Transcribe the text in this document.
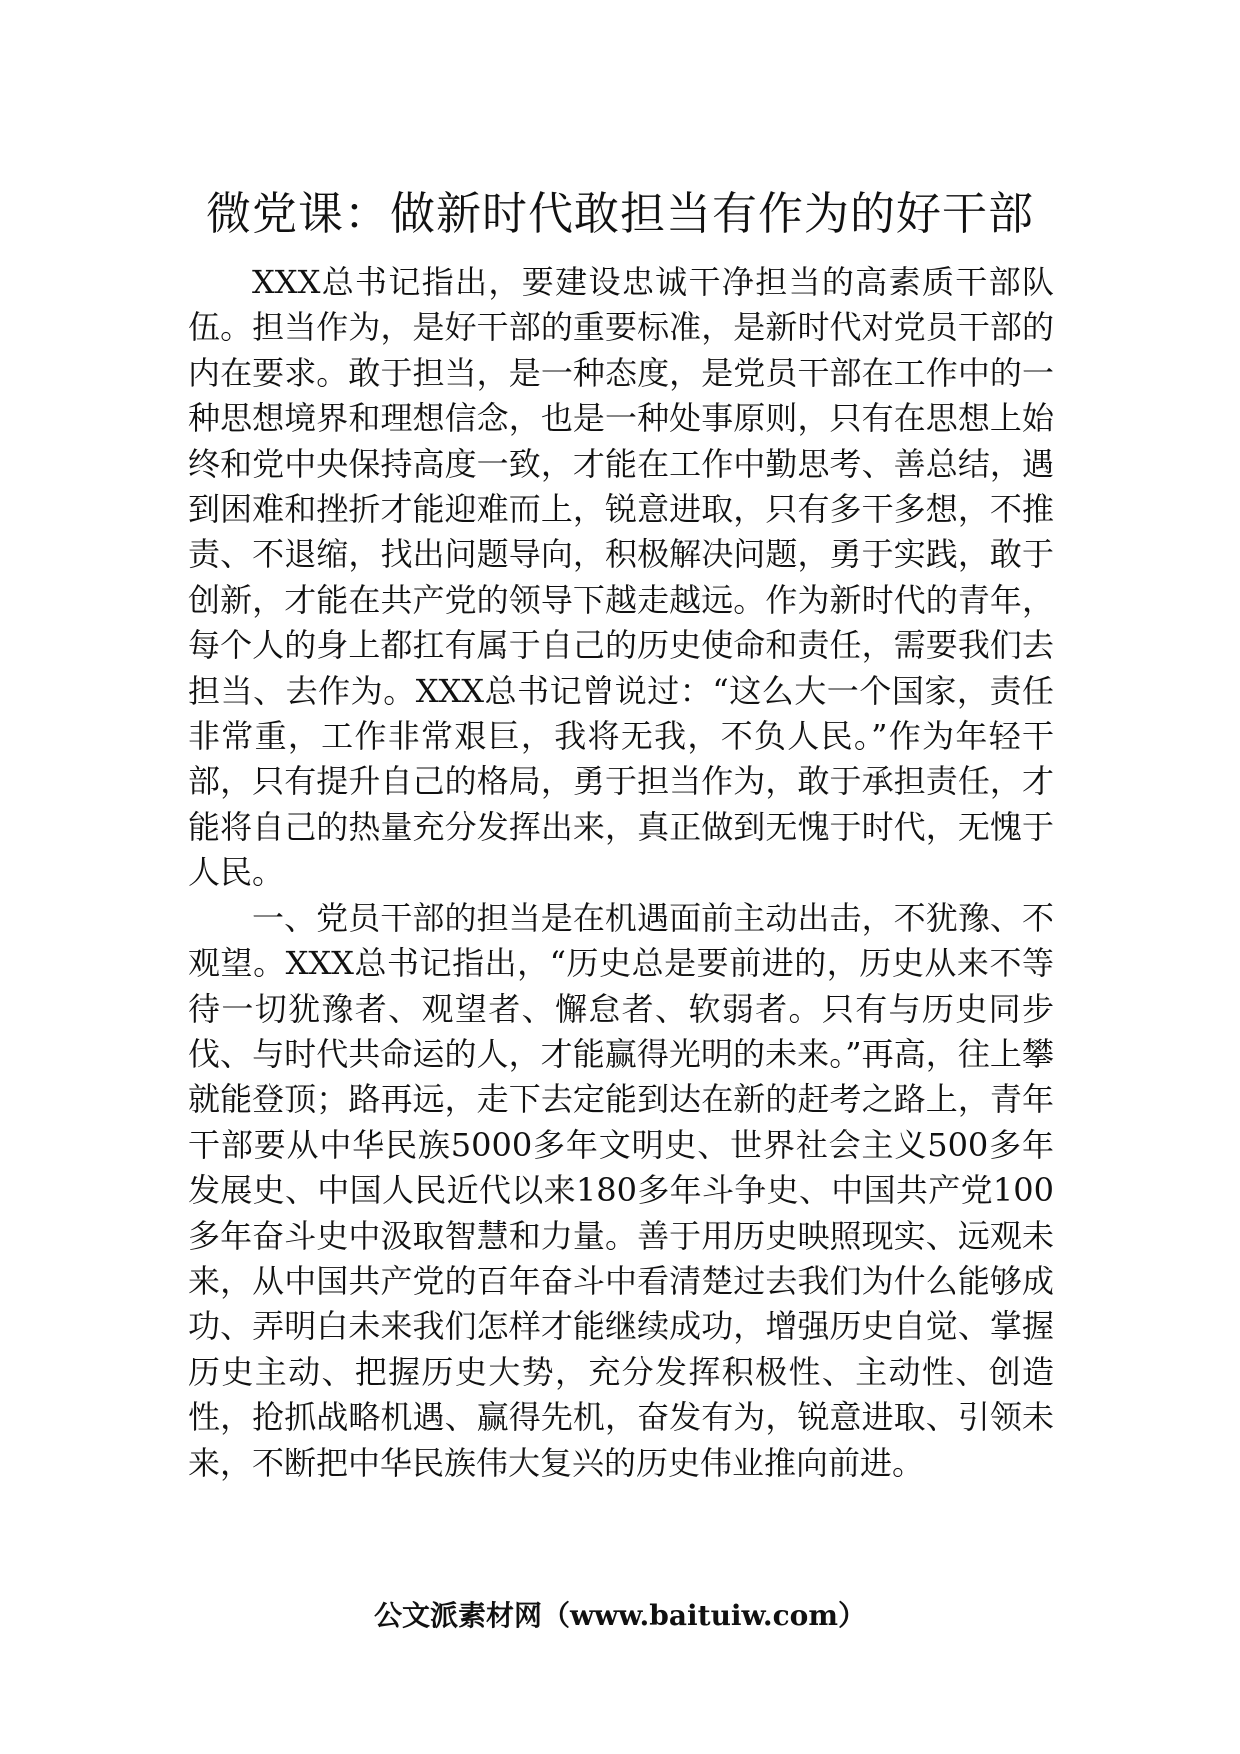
微党课：做新时代敢担当有作为的好干部

XXX总书记指出，要建设忠诚干净担当的高素质干部队伍。担当作为，是好干部的重要标准，是新时代对党员干部的内在要求。敢于担当，是一种态度，是党员干部在工作中的一种思想境界和理想信念，也是一种处事原则，只有在思想上始终和党中央保持高度一致，才能在工作中勤思考、善总结，遇到困难和挫折才能迎难而上，锐意进取，只有多干多想，不推责、不退缩，找出问题导向，积极解决问题，勇于实践，敢于创新，才能在共产党的领导下越走越远。作为新时代的青年，每个人的身上都扛有属于自己的历史使命和责任，需要我们去担当、去作为。XXX总书记曾说过：“这么大一个国家，责任非常重，工作非常艰巨，我将无我，不负人民。”作为年轻干部，只有提升自己的格局，勇于担当作为，敢于承担责任，才能将自己的热量充分发挥出来，真正做到无愧于时代，无愧于人民。

一、党员干部的担当是在机遇面前主动出击，不犹豫、不观望。XXX总书记指出，“历史总是要前进的，历史从来不等待一切犹豫者、观望者、懈怠者、软弱者。只有与历史同步伐、与时代共命运的人，才能赢得光明的未来。”再高，往上攀就能登顶；路再远，走下去定能到达在新的赶考之路上，青年干部要从中华民族5000多年文明史、世界社会主义500多年发展史、中国人民近代以来180多年斗争史、中国共产党100多年奋斗史中汲取智慧和力量。善于用历史映照现实、远观未来，从中国共产党的百年奋斗中看清楚过去我们为什么能够成功、弄明白未来我们怎样才能继续成功，增强历史自觉、掌握历史主动、把握历史大势，充分发挥积极性、主动性、创造性，抢抓战略机遇、赢得先机，奋发有为，锐意进取、引领未来，不断把中华民族伟大复兴的历史伟业推向前进。

公文派素材网（www.baituiw.com）
